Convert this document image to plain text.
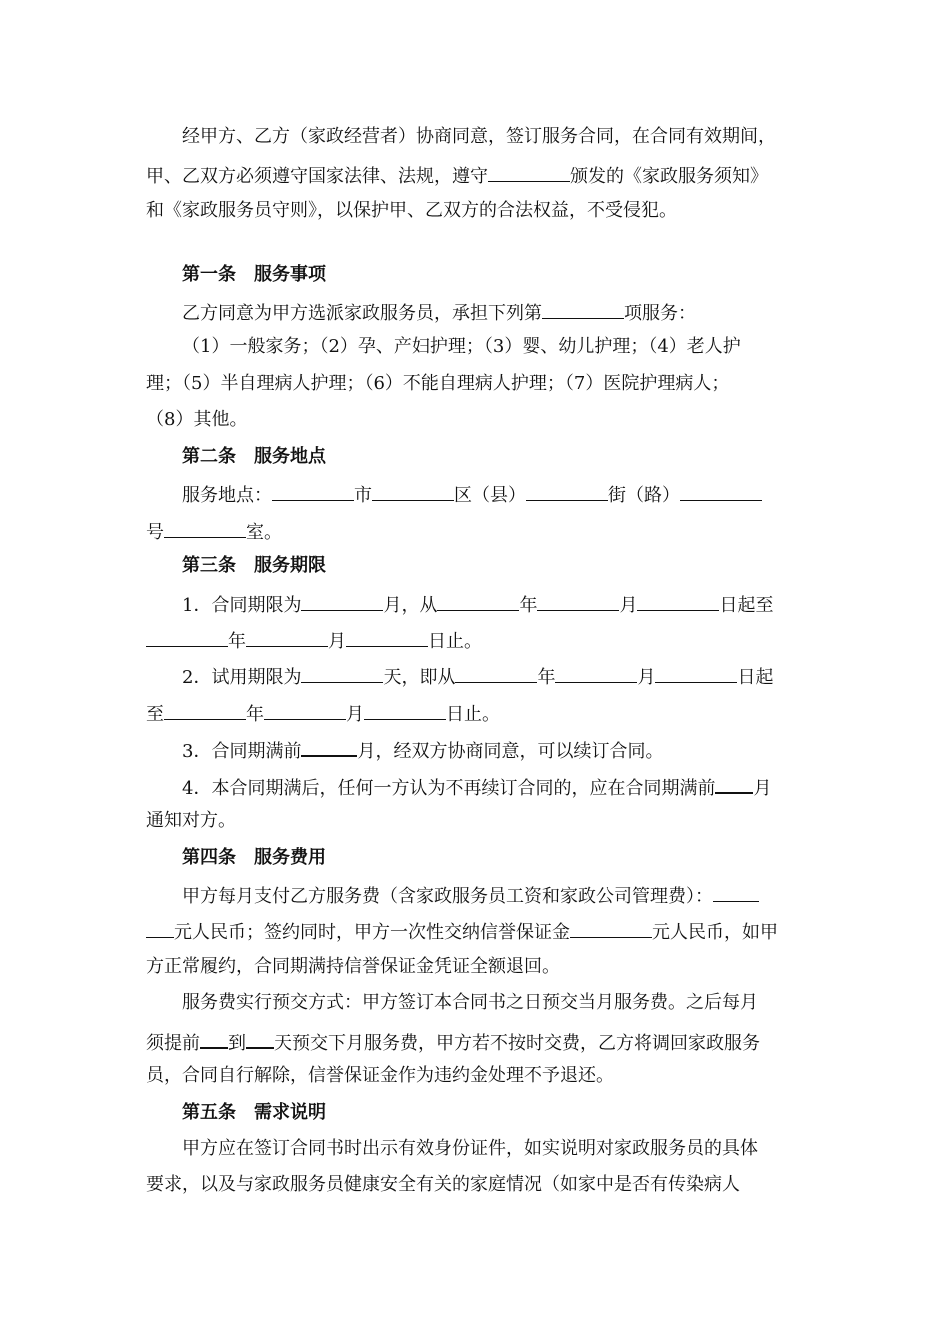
经甲方、乙方（家政经营者）协商同意，签订服务合同，在合同有效期间，
甲、乙双方必须遵守国家法律、法规，遵守	颁发的《家政服务须知》
和《家政服务员守则》，以保护甲、乙双方的合法权益，不受侵犯。
第一条　服务事项
乙方同意为甲方选派家政服务员，承担下列第	项服务：
（1）一般家务；（2）孕、产妇护理；（3）婴、幼儿护理；（4）老人护
理；（5）半自理病人护理；（6）不能自理病人护理；（7）医院护理病人；
（8）其他。
第二条　服务地点
服务地点：	市	区（县）	街（路）
号	室。
第三条　服务期限
1．合同期限为	月，从	年	月	日起至
年	月	日止。
2．试用期限为	天，即从	年	月	日起
至	年	月	日止。
3．合同期满前	月，经双方协商同意，可以续订合同。
4．本合同期满后，任何一方认为不再续订合同的，应在合同期满前 月
通知对方。
第四条　服务费用
甲方每月支付乙方服务费（含家政服务员工资和家政公司管理费）：
元人民币；签约同时，甲方一次性交纳信誉保证金	元人民币，如甲
方正常履约，合同期满持信誉保证金凭证全额退回。
服务费实行预交方式：甲方签订本合同书之日预交当月服务费。之后每月
须提前 到 天预交下月服务费，甲方若不按时交费，乙方将调回家政服务
员，合同自行解除，信誉保证金作为违约金处理不予退还。
第五条　需求说明
甲方应在签订合同书时出示有效身份证件，如实说明对家政服务员的具体
要求，以及与家政服务员健康安全有关的家庭情况（如家中是否有传染病人
